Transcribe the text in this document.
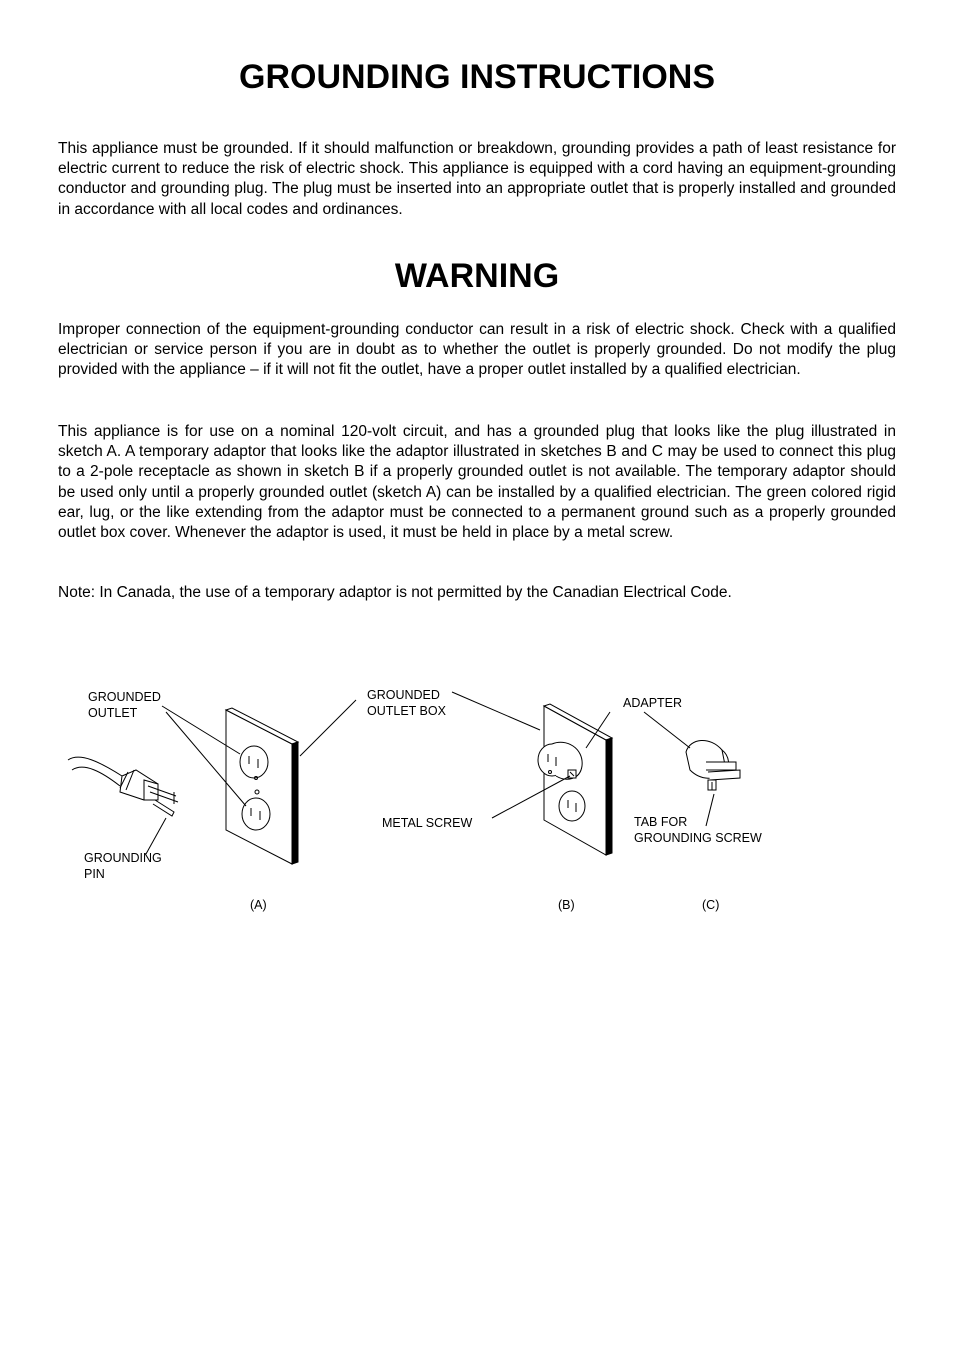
GROUNDING INSTRUCTIONS

This appliance must be grounded. If it should malfunction or breakdown, grounding provides a path of least resistance for electric current to reduce the risk of electric shock. This appliance is equipped with a cord having an equipment-grounding conductor and grounding plug. The plug must be inserted into an appropriate outlet that is properly installed and grounded in accordance with all local codes and ordinances.

WARNING

Improper connection of the equipment-grounding conductor can result in a risk of electric shock. Check with a qualified electrician or service person if you are in doubt as to whether the outlet is properly grounded. Do not modify the plug provided with the appliance – if it will not fit the outlet, have a proper outlet installed by a qualified electrician.

This appliance is for use on a nominal 120-volt circuit, and has a grounded plug that looks like the plug illustrated in sketch A. A temporary adaptor that looks like the adaptor illustrated in sketches B and C may be used to connect this plug to a 2-pole receptacle as shown in sketch B if a properly grounded outlet is not available. The temporary adaptor should be used only until a properly grounded outlet (sketch A) can be installed by a qualified electrician. The green colored rigid ear, lug, or the like extending from the adaptor must be connected to a permanent ground such as a properly grounded outlet box cover. Whenever the adaptor is used, it must be held in place by a metal screw.

Note: In Canada, the use of a temporary adaptor is not permitted by the Canadian Electrical Code.

GROUNDED
OUTLET

GROUNDING
PIN

GROUNDED
OUTLET BOX

METAL SCREW

ADAPTER

TAB FOR
GROUNDING SCREW

(A)	(B)	(C)
